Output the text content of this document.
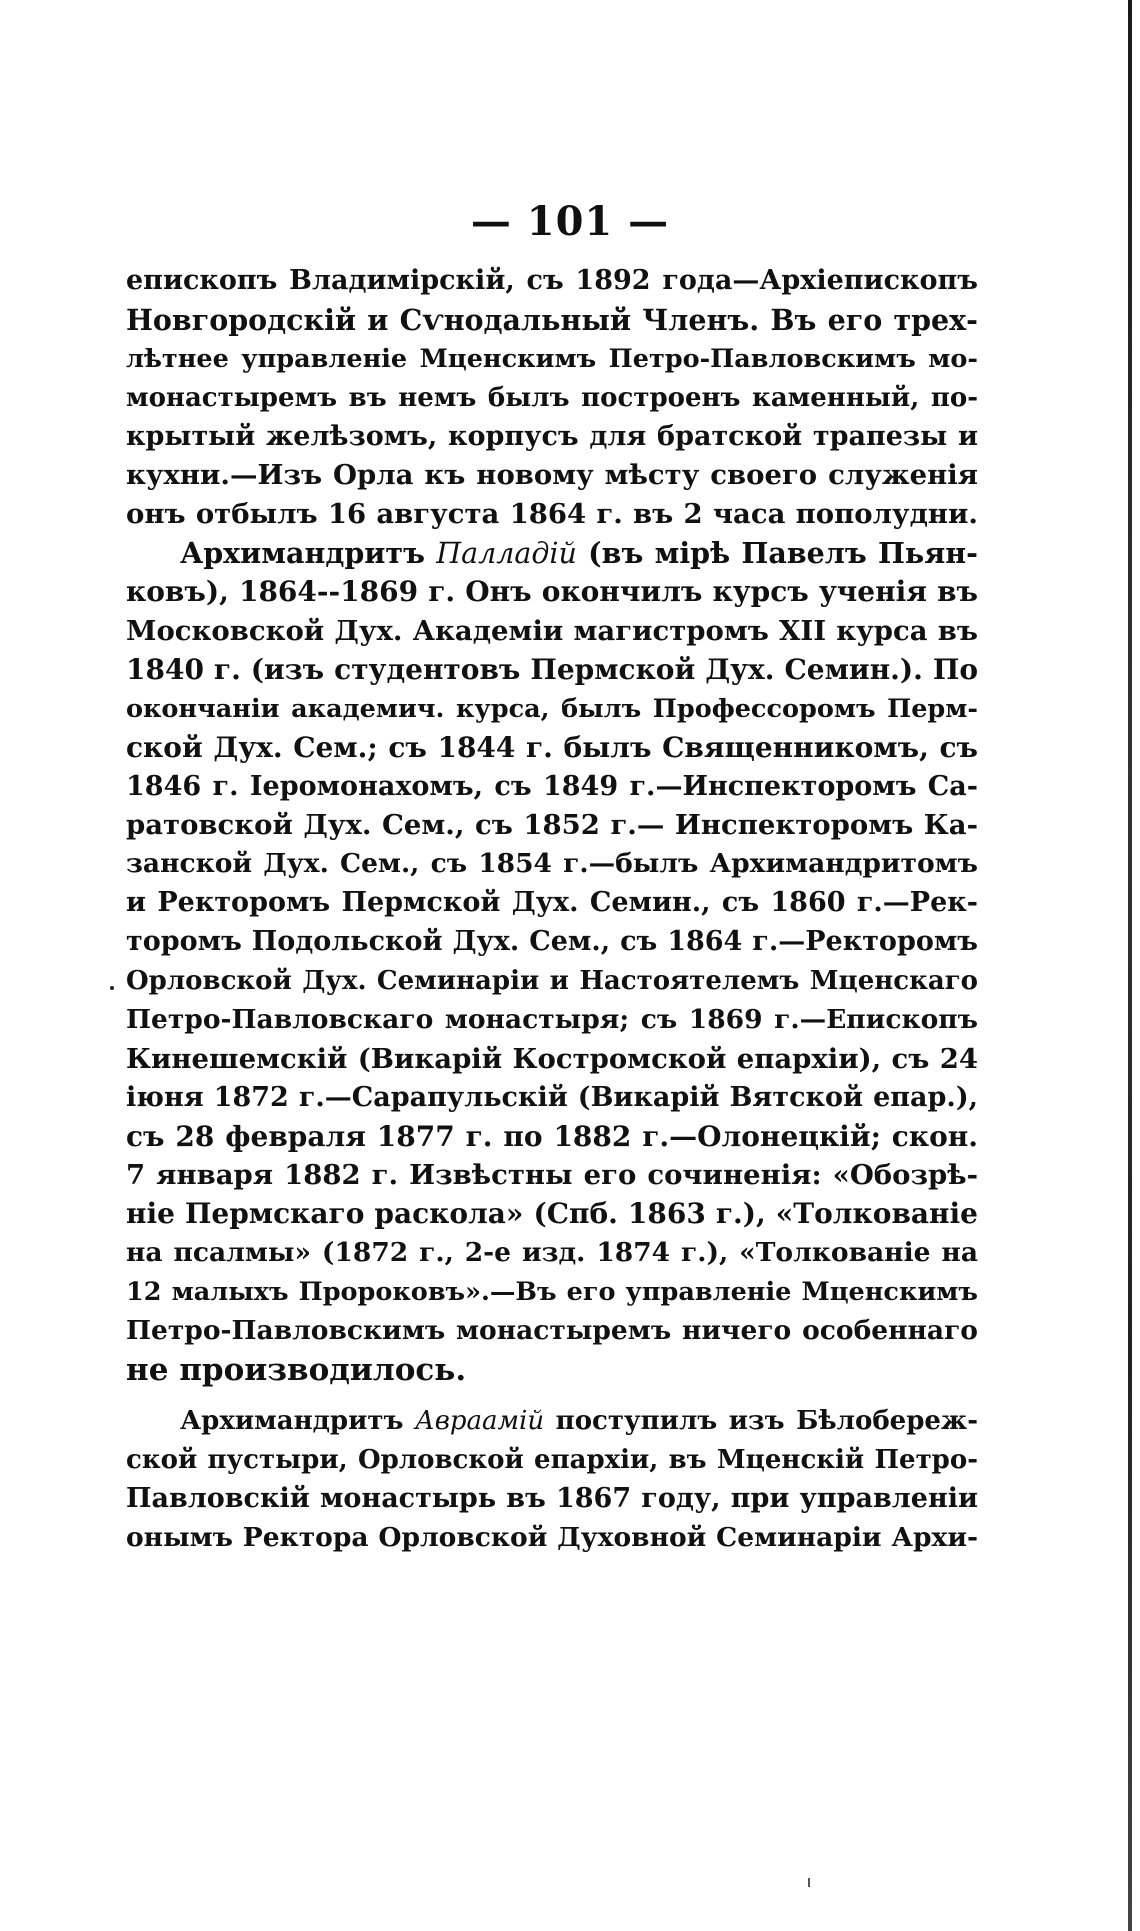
— 101 —
епископъ Владимірскій, съ 1892 года—Архіепископъ
Новгородскій и Сѵнодальный Членъ. Въ его трех-
лѣтнее управленіе Мценскимъ Петро-Павловскимъ мо-
монастыремъ въ немъ былъ построенъ каменный, по-
крытый желѣзомъ, корпусъ для братской трапезы и
кухни.—Изъ Орла къ новому мѣсту своего служенія
онъ отбылъ 16 августа 1864 г. въ 2 часа пополудни.
Архимандритъ Палладій (въ мірѣ Павелъ Пьян-
ковъ), 1864--1869 г. Онъ окончилъ курсъ ученія въ
Московской Дух. Академіи магистромъ XII курса въ
1840 г. (изъ студентовъ Пермской Дух. Семин.). По
окончаніи академич. курса, былъ Профессоромъ Перм-
ской Дух. Сем.; съ 1844 г. былъ Священникомъ, съ
1846 г. Іеромонахомъ, съ 1849 г.—Инспекторомъ Са-
ратовской Дух. Сем., съ 1852 г.— Инспекторомъ Ка-
занской Дух. Сем., съ 1854 г.—былъ Архимандритомъ
и Ректоромъ Пермской Дух. Семин., съ 1860 г.—Рек-
торомъ Подольской Дух. Сем., съ 1864 г.—Ректоромъ
Орловской Дух. Семинаріи и Настоятелемъ Мценскаго
Петро-Павловскаго монастыря; съ 1869 г.—Епископъ
Кинешемскій (Викарій Костромской епархіи), съ 24
іюня 1872 г.—Сарапульскій (Викарій Вятской епар.),
съ 28 февраля 1877 г. по 1882 г.—Олонецкій; скон.
7 января 1882 г. Извѣстны его сочиненія: «Обозрѣ-
ніе Пермскаго раскола» (Спб. 1863 г.), «Толкованіе
на псалмы» (1872 г., 2-е изд. 1874 г.), «Толкованіе на
12 малыхъ Пророковъ».—Въ его управленіе Мценскимъ
Петро-Павловскимъ монастыремъ ничего особеннаго
не производилось.
Архимандритъ Авраамій поступилъ изъ Бѣлобереж-
ской пустыри, Орловской епархіи, въ Мценскій Петро-
Павловскій монастырь въ 1867 году, при управленіи
онымъ Ректора Орловской Духовной Семинаріи Архи-
